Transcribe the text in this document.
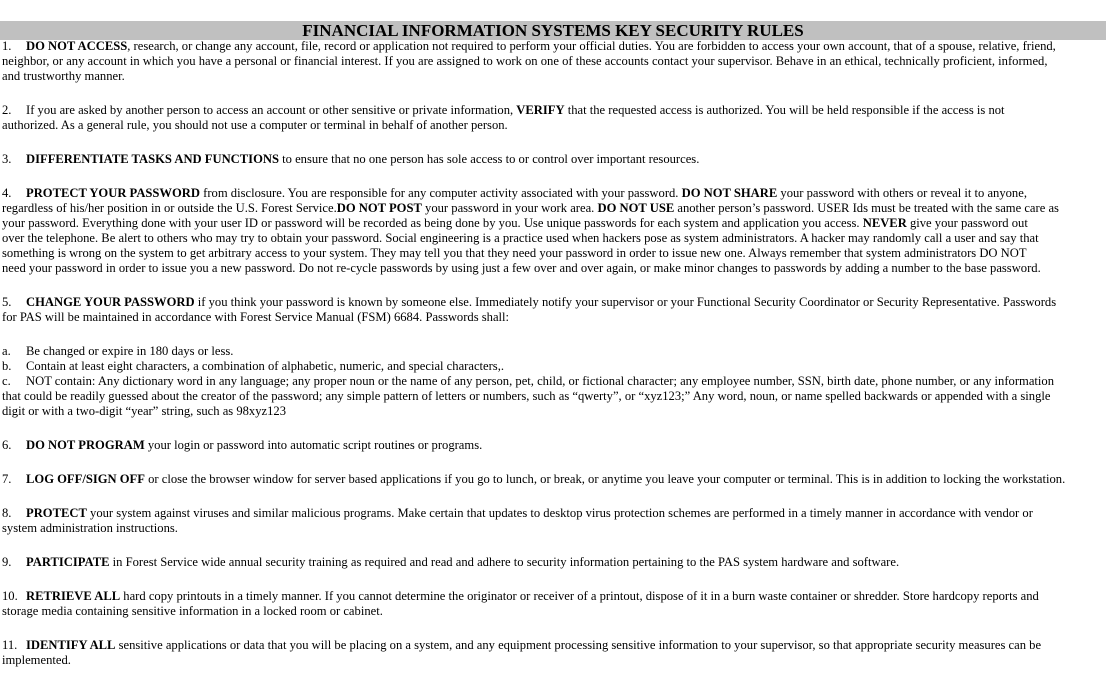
FINANCIAL INFORMATION SYSTEMS KEY SECURITY RULES
1. DO NOT ACCESS, research, or change any account, file, record or application not required to perform your official duties. You are forbidden to access your own account, that of a spouse, relative, friend,
neighbor, or any account in which you have a personal or financial interest. If you are assigned to work on one of these accounts contact your supervisor. Behave in an ethical, technically proficient, informed,
and trustworthy manner.
2. If you are asked by another person to access an account or other sensitive or private information, VERIFY that the requested access is authorized. You will be held responsible if the access is not
authorized. As a general rule, you should not use a computer or terminal in behalf of another person.
3. DIFFERENTIATE TASKS AND FUNCTIONS to ensure that no one person has sole access to or control over important resources.
4. PROTECT YOUR PASSWORD from disclosure. You are responsible for any computer activity associated with your password. DO NOT SHARE your password with others or reveal it to anyone,
regardless of his/her position in or outside the U.S. Forest Service.DO NOT POST your password in your work area. DO NOT USE another person’s password. USER Ids must be treated with the same care as
your password. Everything done with your user ID or password will be recorded as being done by you. Use unique passwords for each system and application you access. NEVER give your password out
over the telephone. Be alert to others who may try to obtain your password. Social engineering is a practice used when hackers pose as system administrators. A hacker may randomly call a user and say that
something is wrong on the system to get arbitrary access to your system. They may tell you that they need your password in order to issue new one. Always remember that system administrators DO NOT
need your password in order to issue you a new password. Do not re-cycle passwords by using just a few over and over again, or make minor changes to passwords by adding a number to the base password.
5. CHANGE YOUR PASSWORD if you think your password is known by someone else. Immediately notify your supervisor or your Functional Security Coordinator or Security Representative. Passwords
for PAS will be maintained in accordance with Forest Service Manual (FSM) 6684. Passwords shall:
a. Be changed or expire in 180 days or less.
b. Contain at least eight characters, a combination of alphabetic, numeric, and special characters,.
c. NOT contain: Any dictionary word in any language; any proper noun or the name of any person, pet, child, or fictional character; any employee number, SSN, birth date, phone number, or any information
that could be readily guessed about the creator of the password; any simple pattern of letters or numbers, such as “qwerty”, or “xyz123;” Any word, noun, or name spelled backwards or appended with a single
digit or with a two-digit “year” string, such as 98xyz123
6. DO NOT PROGRAM your login or password into automatic script routines or programs.
7. LOG OFF/SIGN OFF or close the browser window for server based applications if you go to lunch, or break, or anytime you leave your computer or terminal. This is in addition to locking the workstation.
8. PROTECT your system against viruses and similar malicious programs. Make certain that updates to desktop virus protection schemes are performed in a timely manner in accordance with vendor or
system administration instructions.
9. PARTICIPATE in Forest Service wide annual security training as required and read and adhere to security information pertaining to the PAS system hardware and software.
10. RETRIEVE ALL hard copy printouts in a timely manner. If you cannot determine the originator or receiver of a printout, dispose of it in a burn waste container or shredder. Store hardcopy reports and
storage media containing sensitive information in a locked room or cabinet.
11. IDENTIFY ALL sensitive applications or data that you will be placing on a system, and any equipment processing sensitive information to your supervisor, so that appropriate security measures can be
implemented.
